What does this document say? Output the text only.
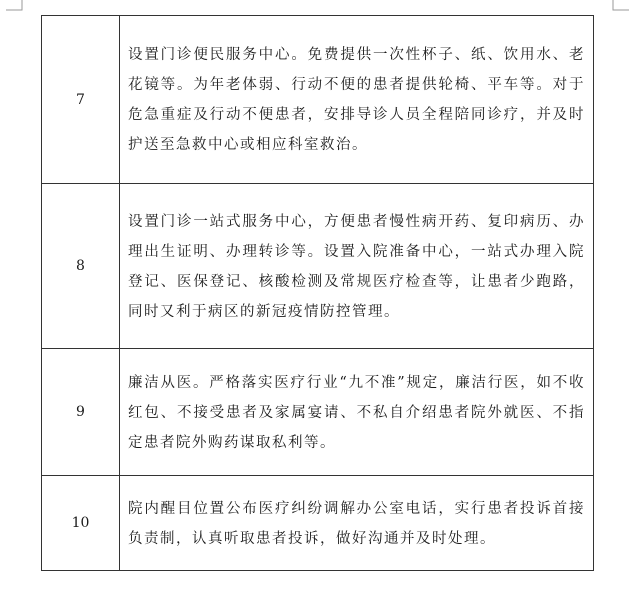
7	设置门诊便民服务中心。免费提供一次性杯子、纸、饮用水、老花镜等。为年老体弱、行动不便的患者提供轮椅、平车等。对于危急重症及行动不便患者，安排导诊人员全程陪同诊疗，并及时护送至急救中心或相应科室救治。
8	设置门诊一站式服务中心，方便患者慢性病开药、复印病历、办理出生证明、办理转诊等。设置入院准备中心，一站式办理入院登记、医保登记、核酸检测及常规医疗检查等，让患者少跑路，同时又利于病区的新冠疫情防控管理。
9	廉洁从医。严格落实医疗行业“九不准”规定，廉洁行医，如不收红包、不接受患者及家属宴请、不私自介绍患者院外就医、不指定患者院外购药谋取私利等。
10	院内醒目位置公布医疗纠纷调解办公室电话，实行患者投诉首接负责制，认真听取患者投诉，做好沟通并及时处理。
